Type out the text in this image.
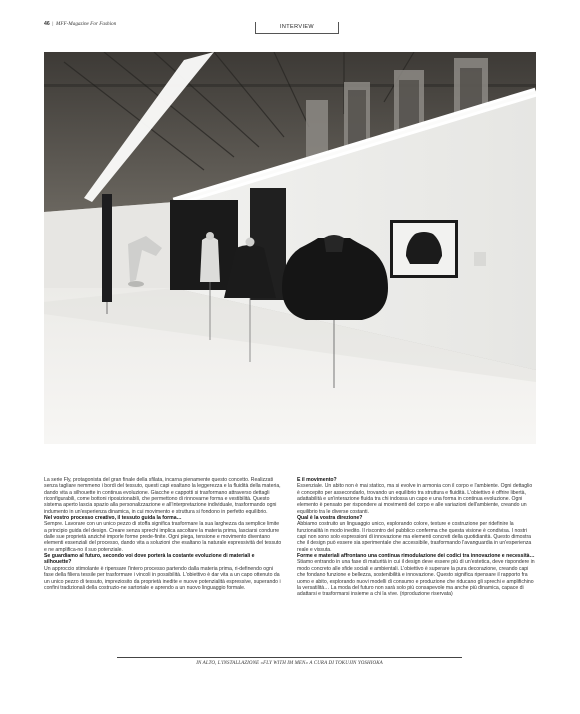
46  |  MFF-Magazine For Fashion	INTERVIEW

La serie Fly, protagonista del gran finale della sfilata, incarna pienamente questo concetto. Realizzati senza tagliare nemmeno i bordi del tessuto, questi capi esaltano la leggerezza e la fluidità della materia, dando vita a silhouette in continua evoluzione. Giacche e cappotti si trasformano attraverso dettagli riconfigurabili, come bottoni riposizionabili, che permettono di rinnovarne forma e vestibilità. Questo sistema aperto lascia spazio alla personalizzazione e all'interpretazione individuale, trasformando ogni indumento in un'esperienza dinamica, in cui movimento e struttura si fondono in perfetto equilibrio.

Nel vostro processo creativo, il tessuto guida la forma…

Sempre. Lavorare con un unico pezzo di stoffa significa trasformare la sua larghezza da semplice limite a principio guida del design. Creare senza sprechi implica ascoltare la materia prima, lasciarsi condurre dalle sue proprietà anziché imporle forme prede-finite. Ogni piega, tensione e movimento diventano elementi essenziali del processo, dando vita a soluzioni che esaltano la naturale espressività del tessuto e ne amplifica-no il suo potenziale.

Se guardiamo al futuro, secondo voi dove porterà la costante evoluzione di materiali e silhouette?

Un approccio stimolante è ripensare l'intero processo partendo dalla materia prima, ri-definendo ogni fase della filiera tessile per trasformare i vincoli in possibilità. L'obiettivo è dar vita a un capo ottenuto da un unico pezzo di tessuto, impreziosito da proprietà inedite e nuove potenzialità espressive, superando i confini tradizionali della costruzio-ne sartoriale e aprendo a un nuovo linguaggio formale.

E il movimento?

Essenziale. Un abito non è mai statico, ma si evolve in armonia con il corpo e l'ambiente. Ogni dettaglio è concepito per assecondarlo, trovando un equilibrio tra struttura e fluidità. L'obiettivo è offrire libertà, adattabilità e un'interazione fluida tra chi indossa un capo e una forma in continua evoluzione. Ogni elemento è pensato per rispondere ai movimenti del corpo e alle variazioni dell'ambiente, creando un equilibrio tra le diverse costanti.

Qual è la vostra direzione?

Abbiamo costruito un linguaggio unico, esplorando colore, texture e costruzione per ridefinire la funzionalità in modo inedito. Il riscontro del pubblico conferma che questa visione è condivisa. I nostri capi non sono solo espressioni di innovazione ma elementi concreti della quotidianità. Questo dimostra che il design può essere sia sperimentale che accessibile, trasformando l'avanguardia in un'esperienza reale e vissuta.

Forme e materiali affrontano una continua rimodulazione dei codici tra innovazione e necessità…

Stiamo entrando in una fase di maturità in cui il design deve essere più di un'estetica, deve rispondere in modo concreto alle sfide sociali e ambientali. L'obiettivo è superare la pura decorazione, creando capi che fondano funzione e bellezza, sostenibilità e innovazione. Questo significa ripensare il rapporto fra uomo e abito, esplorando nuovi modelli di consumo e produzione che riducano gli sprechi e amplifichino la versatilità… La moda del futuro non sarà solo più consapevole ma anche più dinamica, capace di adattarsi e trasformarsi insieme a chi la vive. (riproduzione riservata)

IN ALTO, L'INSTALLAZIONE «FLY WITH IM MEN» A CURA DI TOKUJIN YOSHIOKA
